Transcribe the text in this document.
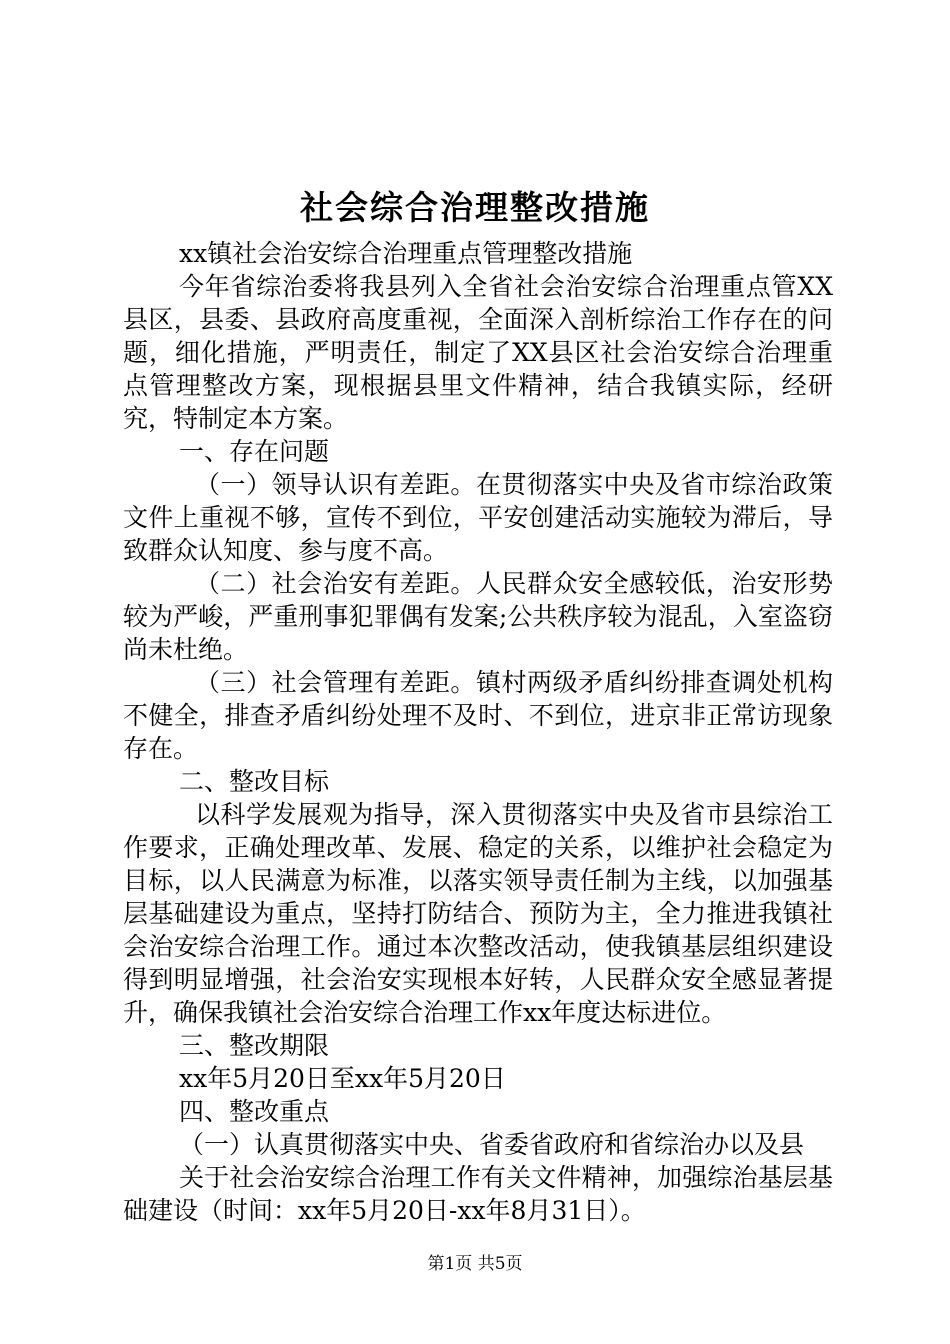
社会综合治理整改措施

xx镇社会治安综合治理重点管理整改措施

今年省综治委将我县列入全省社会治安综合治理重点管XX县区，县委、县政府高度重视，全面深入剖析综治工作存在的问题，细化措施，严明责任，制定了XX县区社会治安综合治理重点管理整改方案，现根据县里文件精神，结合我镇实际，经研究，特制定本方案。

一、存在问题

（一）领导认识有差距。在贯彻落实中央及省市综治政策文件上重视不够，宣传不到位，平安创建活动实施较为滞后，导致群众认知度、参与度不高。

（二）社会治安有差距。人民群众安全感较低，治安形势较为严峻，严重刑事犯罪偶有发案;公共秩序较为混乱，入室盗窃尚未杜绝。

（三）社会管理有差距。镇村两级矛盾纠纷排查调处机构不健全，排查矛盾纠纷处理不及时、不到位，进京非正常访现象存在。

二、整改目标

以科学发展观为指导，深入贯彻落实中央及省市县综治工作要求，正确处理改革、发展、稳定的关系，以维护社会稳定为目标，以人民满意为标准，以落实领导责任制为主线，以加强基层基础建设为重点，坚持打防结合、预防为主，全力推进我镇社会治安综合治理工作。通过本次整改活动，使我镇基层组织建设得到明显增强，社会治安实现根本好转，人民群众安全感显著提升，确保我镇社会治安综合治理工作xx年度达标进位。

三、整改期限

xx年5月20日至xx年5月20日

四、整改重点

（一）认真贯彻落实中央、省委省政府和省综治办以及县

关于社会治安综合治理工作有关文件精神，加强综治基层基础建设（时间：xx年5月20日-xx年8月31日）。

第1页 共5页
